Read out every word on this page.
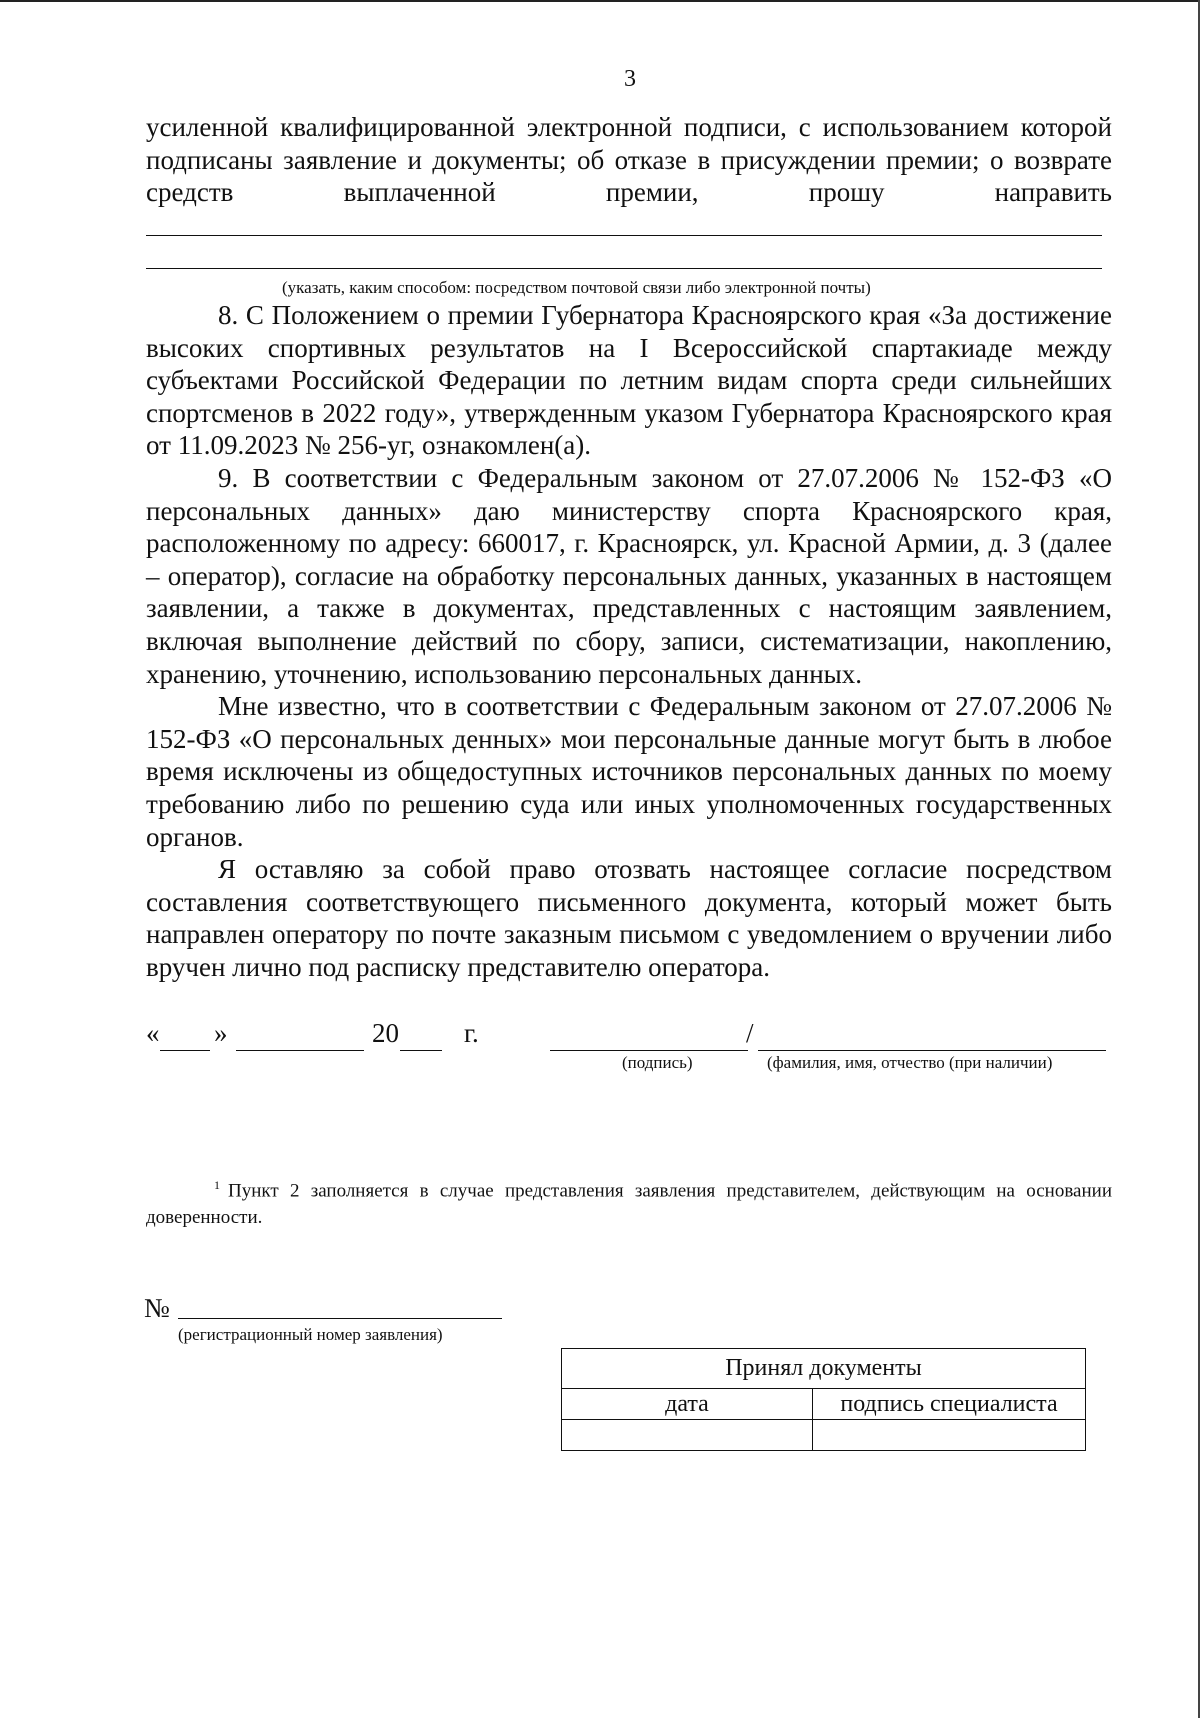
3

усиленной квалифицированной электронной подписи, с использованием которой подписаны заявление и документы; об отказе в присуждении премии; о возврате средств выплаченной премии, прошу направить

(указать, каким способом: посредством почтовой связи либо электронной почты)

8. С Положением о премии Губернатора Красноярского края «За достижение высоких спортивных результатов на I Всероссийской спартакиаде между субъектами Российской Федерации по летним видам спорта среди сильнейших спортсменов в 2022 году», утвержденным указом Губернатора Красноярского края от 11.09.2023 № 256-уг, ознакомлен(а).

9. В соответствии с Федеральным законом от 27.07.2006 № 152-ФЗ «О персональных данных» даю министерству спорта Красноярского края, расположенному по адресу: 660017, г. Красноярск, ул. Красной Армии, д. 3 (далее – оператор), согласие на обработку персональных данных, указанных в настоящем заявлении, а также в документах, представленных с настоящим заявлением, включая выполнение действий по сбору, записи, систематизации, накоплению, хранению, уточнению, использованию персональных данных.

Мне известно, что в соответствии с Федеральным законом от 27.07.2006 № 152-ФЗ «О персональных денных» мои персональные данные могут быть в любое время исключены из общедоступных источников персональных данных по моему требованию либо по решению суда или иных уполномоченных государственных органов.

Я оставляю за собой право отозвать настоящее согласие посредством составления соответствующего письменного документа, который может быть направлен оператору по почте заказным письмом с уведомлением о вручении либо вручен лично под расписку представителю оператора.

« »	20 г.	/
(подпись)	(фамилия, имя, отчество (при наличии)

$^1$ Пункт 2 заполняется в случае представления заявления представителем, действующим на основании доверенности.

№
(регистрационный номер заявления)
Принял документы	
дата	подпись специалиста
